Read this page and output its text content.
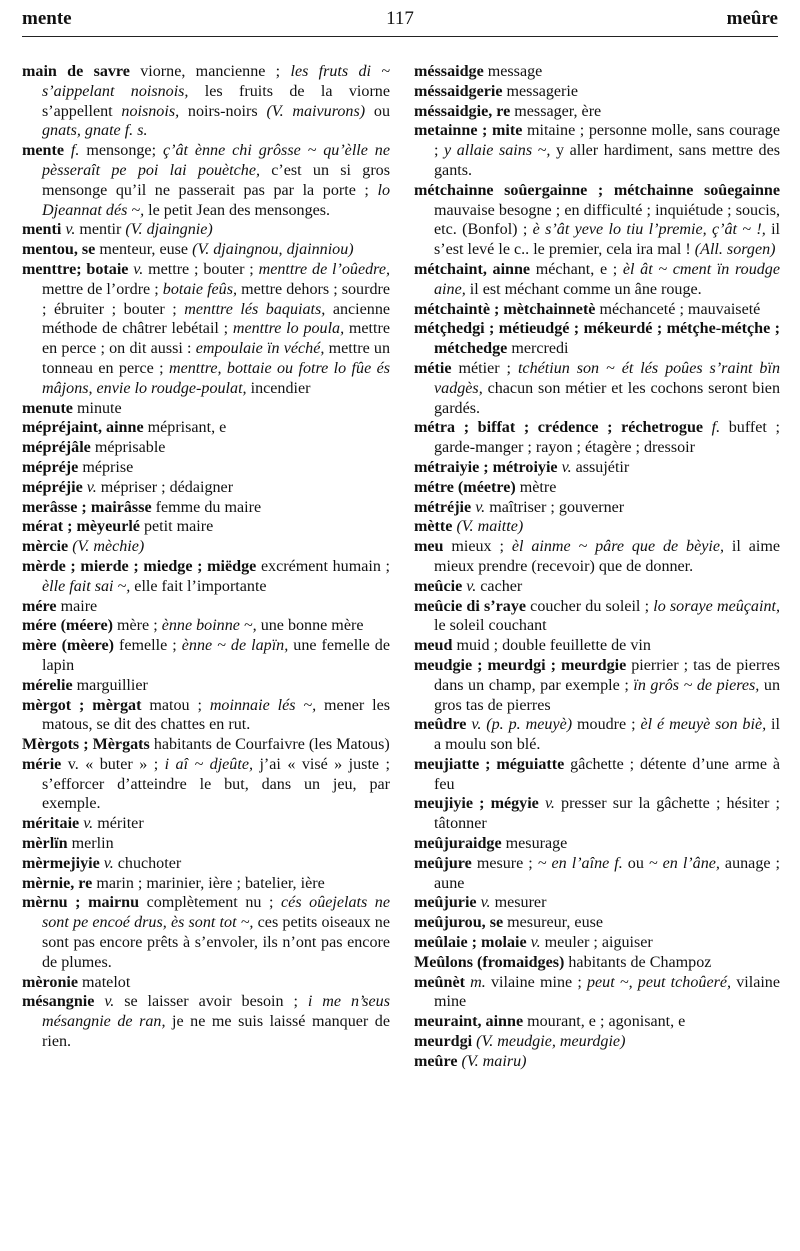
mente	117	meûre

main de savre viorne, mancienne ; les fruts di ~ s’aippelant noisnois, les fruits de la viorne s’appellent noisnois, noirs-noirs (V. maivurons) ou gnats, gnate f. s.

mente f. mensonge; ç’ât ènne chi grôsse ~ qu’èlle ne pèsseraît pe poi lai pouètche, c’est un si gros mensonge qu’il ne passerait pas par la porte ; lo Djeannat dés ~, le petit Jean des mensonges.

menti v. mentir (V. djaingnie)

mentou, se menteur, euse (V. djaingnou, djainniou)

menttre; botaie v. mettre ; bouter ; menttre de l’oûedre, mettre de l’ordre ; botaie feûs, mettre dehors ; sourdre ; ébruiter ; bouter ; menttre lés baquiats, ancienne méthode de châtrer lebétail ; menttre lo poula, mettre en perce ; on dit aussi : empoulaie ïn véché, mettre un tonneau en perce ; menttre, bottaie ou fotre lo fûe és mâjons, envie lo roudge-poulat, incendier

menute minute

mépréjaint, ainne méprisant, e

mépréjâle méprisable

mépréje méprise

mépréjie v. mépriser ; dédaigner

merâsse ; mairâsse femme du maire

mérat ; mèyeurlé petit maire

mèrcie (V. mèchie)

mèrde ; mierde ; miedge ; miëdge excrément humain ; èlle fait sai ~, elle fait l’importante

mére maire

mére (méere) mère ; ènne boinne ~, une bonne mère

mère (mèere) femelle ; ènne ~ de lapïn, une femelle de lapin

mérelie marguillier

mèrgot ; mèrgat matou ; moinnaie lés ~, mener les matous, se dit des chattes en rut.

Mèrgots ; Mèrgats habitants de Courfaivre (les Matous)

mérie v. « buter » ; i aî ~ djeûte, j’ai « visé » juste ; s’efforcer d’atteindre le but, dans un jeu, par exemple.

méritaie v. mériter

mèrlïn merlin

mèrmejiyie v. chuchoter

mèrnie, re marin ; marinier, ière ; batelier, ière

mèrnu ; mairnu complètement nu ; cés oûejelats ne sont pe encoé drus, ès sont tot ~, ces petits oiseaux ne sont pas encore prêts à s’envoler, ils n’ont pas encore de plumes.

mèronie matelot

mésangnie v. se laisser avoir besoin ; i me n’seus mésangnie de ran, je ne me suis laissé manquer de rien.

méssaidge message

méssaidgerie messagerie

méssaidgie, re messager, ère

metainne ; mite mitaine ; personne molle, sans courage ; y allaie sains ~, y aller hardiment, sans mettre des gants.

métchainne soûergainne ; métchainne soûegainne mauvaise besogne ; en difficulté ; inquiétude ; soucis, etc. (Bonfol) ; è s’ât yeve lo tiu l’premie, ç’ât ~ !, il s’est levé le c.. le premier, cela ira mal ! (All. sorgen)

métchaint, ainne méchant, e ; èl ât ~ cment ïn roudge aine, il est méchant comme un âne rouge.

métchaintè ; mètchainnetè méchanceté ; mauvaiseté

métçhedgi ; métieudgé ; mékeurdé ; métçhe-métçhe ; métchedge mercredi

métie métier ; tchétiun son ~ ét lés poûes s’raint bïn vadgès, chacun son métier et les cochons seront bien gardés.

métra ; biffat ; crédence ; réchetrogue f. buffet ; garde-manger ; rayon ; étagère ; dressoir

métraiyie ; métroiyie v. assujétir

métre (méetre) mètre

métréjie v. maîtriser ; gouverner

mètte (V. maitte)

meu mieux ; èl ainme ~ pâre que de bèyie, il aime mieux prendre (recevoir) que de donner.

meûcie v. cacher

meûcie di s’raye coucher du soleil ; lo soraye meûçaint, le soleil couchant

meud muid ; double feuillette de vin

meudgie ; meurdgi ; meurdgie pierrier ; tas de pierres dans un champ, par exemple ; ïn grôs ~ de pieres, un gros tas de pierres

meûdre v. (p. p. meuyè) moudre ; èl é meuyè son biè, il a moulu son blé.

meujiatte ; méguiatte gâchette ; détente d’une arme à feu

meujiyie ; mégyie v. presser sur la gâchette ; hésiter ; tâtonner

meûjuraidge mesurage

meûjure mesure ; ~ en l’aîne f. ou ~ en l’âne, aunage ; aune

meûjurie v. mesurer

meûjurou, se mesureur, euse

meûlaie ; molaie v. meuler ; aiguiser

Meûlons (fromaidges) habitants de Champoz

meûnèt m. vilaine mine ; peut ~, peut tchoûeré, vilaine mine

meuraint, ainne mourant, e ; agonisant, e

meurdgi (V. meudgie, meurdgie)

meûre (V. mairu)
